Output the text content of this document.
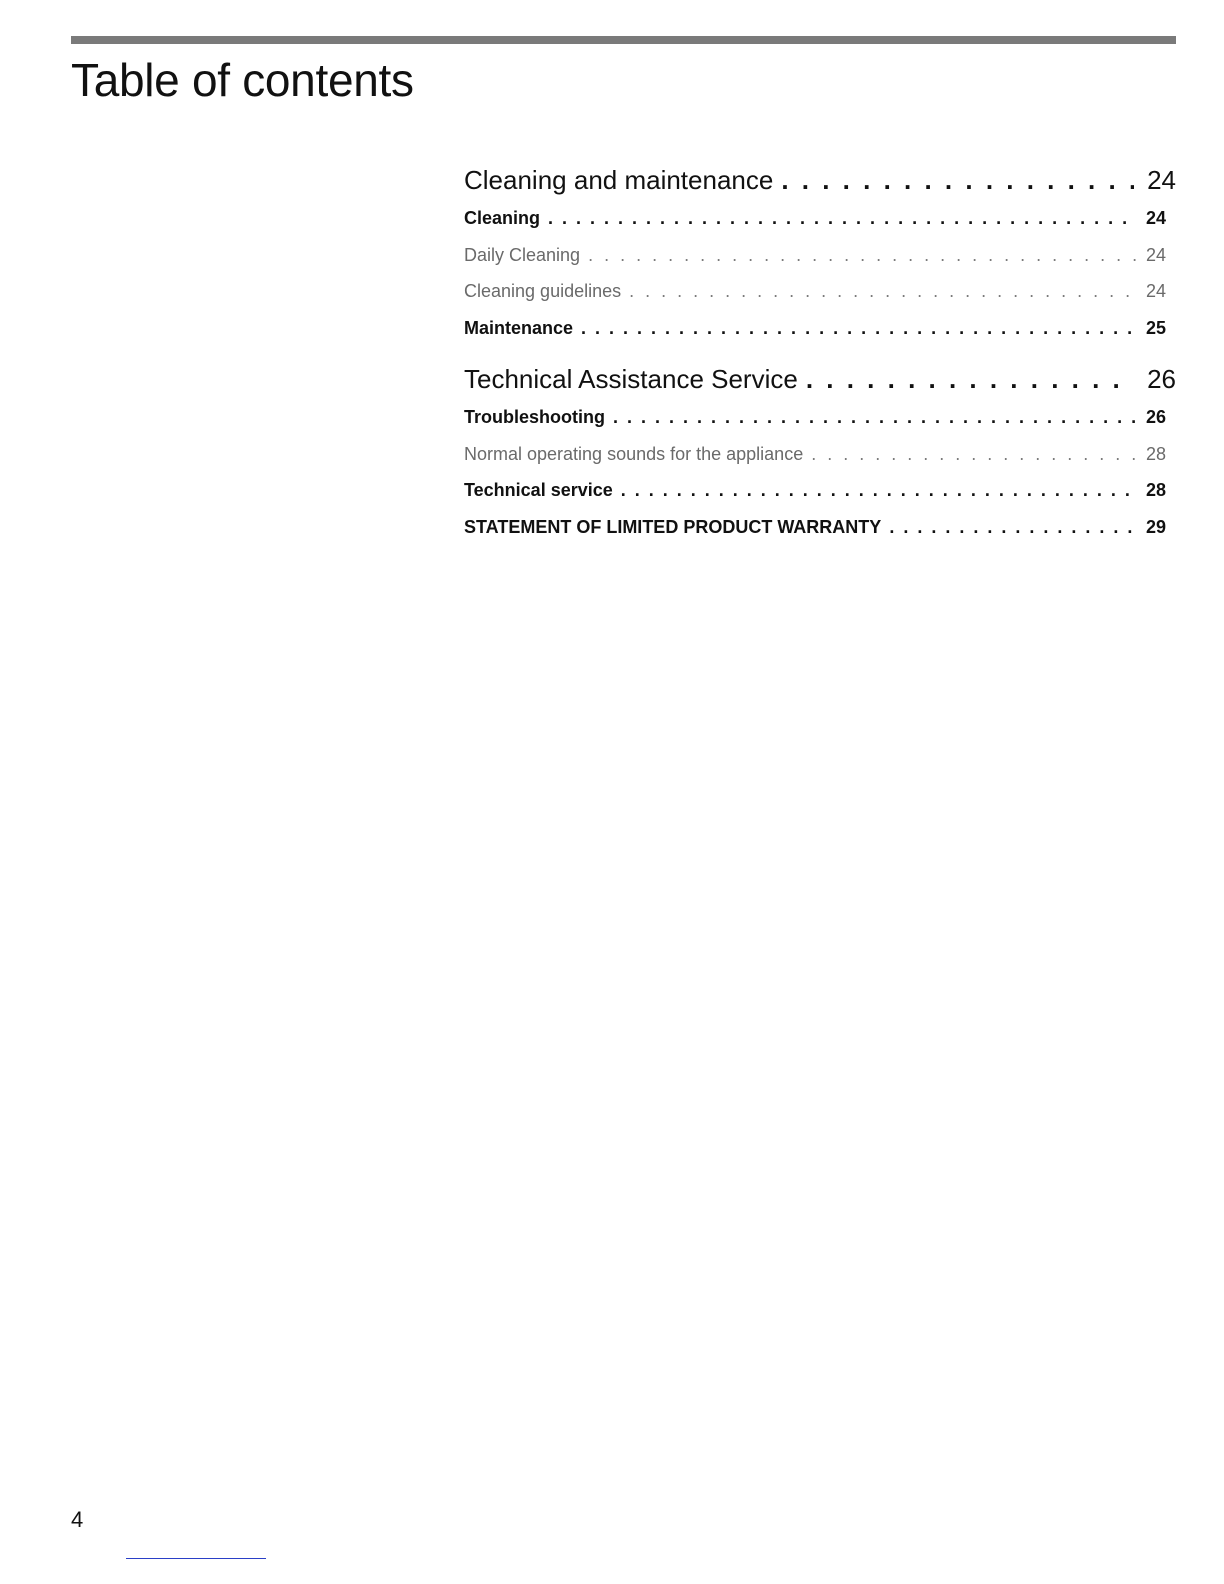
Table of contents
Cleaning and maintenance . . .	24
Cleaning . . .	24
Daily Cleaning . . .	24
Cleaning guidelines . . .	24
Maintenance . . .	25
Technical Assistance Service . . .	26
Troubleshooting . . .	26
Normal operating sounds for the appliance . . .	28
Technical service . . .	28
STATEMENT OF LIMITED PRODUCT WARRANTY . . .	29
4
